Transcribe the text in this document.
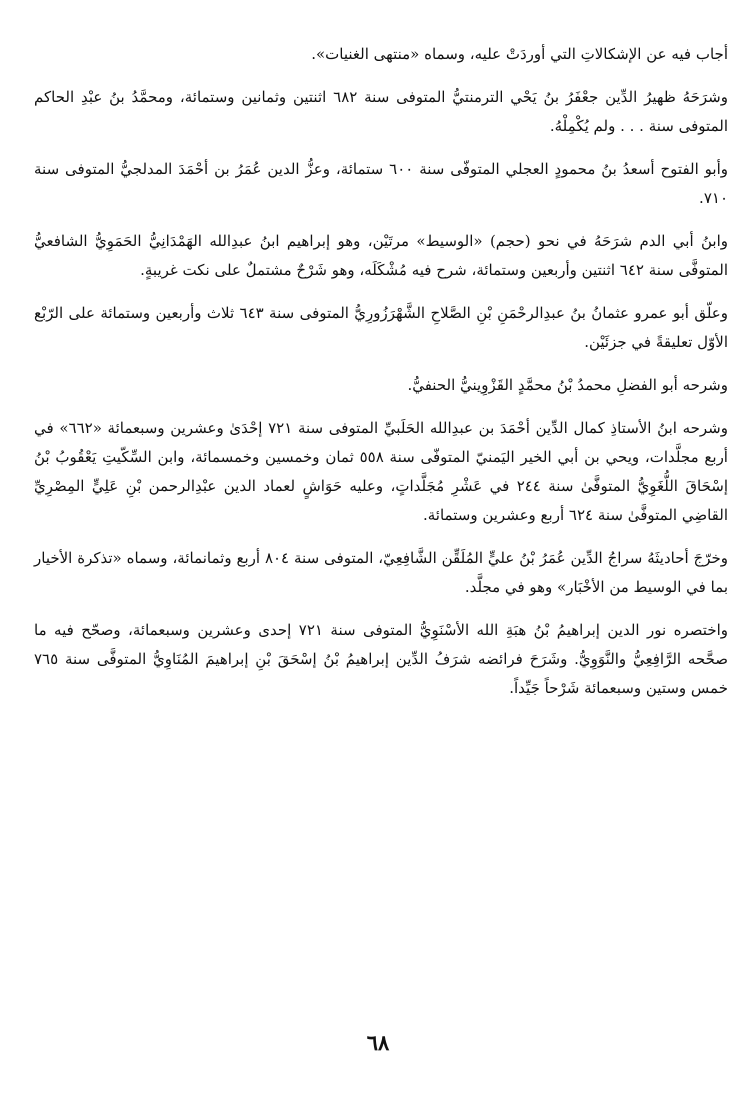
أجاب فيه عن الإشكالاتِ التي أوردَتْ عليه، وسماه «منتهى الغنيات».

وشرَحَهُ ظهيرُ الدِّين جعْفَرُ بنُ يَحْي الترمنتيُّ المتوفى سنة ٦٨٢ اثنتين وثمانين وستمائة، ومحمَّدُ بنُ عبْدِ الحاكم المتوفى سنة . . . ولم يُكْمِلْهُ.

وأبو الفتوح أسعدُ بنُ محمودٍ العجلي المتوفّى سنة ٦٠٠ ستمائة، وعزُّ الدين عُمَرُ بن أحْمَدَ المدلجيُّ المتوفى سنة ٧١٠.

وابنُ أبي الدم شرَحَهُ في نحو (حجم) «الوسيط» مرتَيْن، وهو إبراهيم ابنُ عبدِالله الهَمْدَانِيُّ الحَمَوِيُّ الشافعيُّ المتوفَّى سنة ٦٤٢ اثنتين وأربعين وستمائة، شرح فيه مُشْكَلَه، وهو شَرْحٌ مشتملٌ على نكت غريبةٍ.

وعلّق أبو عمرو عثمانُ بنُ عبدِالرحْمَنِ بْنِ الصَّلاحِ الشَّهْرَزُورِيُّ المتوفى سنة ٦٤٣ ثلاث وأربعين وستمائة على الرّبْع الأوّل تعليقةً في جزئَيْن.

وشرحه أبو الفضلِ محمدُ بْنُ محمَّدٍ القَزْوِينيُّ الحنفيُّ.

وشرحه ابنُ الأستاذِ كمال الدِّين أحْمَدَ بن عبدِالله الحَلَبيِّ المتوفى سنة ٧٢١ إحْدَىٰ وعشرين وسبعمائة «٦٦٢» في أربع مجلَّدات، ويحي بن أبي الخير اليَمنيّ المتوفّى سنة ٥٥٨ ثمان وخمسين وخمسمائة، وابن السِّكّيتِ يَعْقُوبُ بْنُ إسْحَاقَ اللُّغَوِيُّ المتوفَّىٰ سنة ٢٤٤ في عَشْرِ مُجَلَّداتٍ، وعليه حَوَاشٍ لعماد الدين عبْدِالرحمن بْنِ عَلِيٍّ المِصْرِيِّ القاضِي المتوفَّىٰ سنة ٦٢٤ أربع وعشرين وستمائة.

وخرّجَ أحاديثَهُ سراجُ الدِّين عُمَرُ بْنُ عليٍّ المُلَقِّن الشَّافِعِيّ، المتوفى سنة ٨٠٤ أربع وثمانمائة، وسماه «تذكرة الأخيار بما في الوسيط من الأخْبَار» وهو في مجلَّد.

واختصره نور الدين إبراهيمُ بْنُ هبَةِ الله الأسْنَوِيُّ المتوفى سنة ٧٢١ إحدى وعشرين وسبعمائة، وصحّح فيه ما صحَّحه الرَّافِعِيُّ والنَّوَوِيُّ. وشَرَحَ فرائضه شرَفُ الدِّين إبراهيمُ بْنُ إسْحَقَ بْنِ إبراهيمَ المُنَاوِيُّ المتوفَّى سنة ٧٦٥ خمس وستين وسبعمائة شَرْحاً جَيِّداً.

٦٨
